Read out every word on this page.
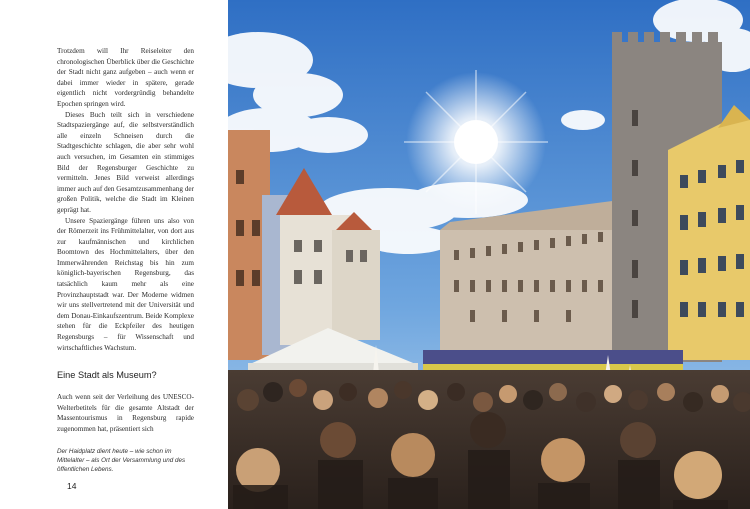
Trotzdem will Ihr Reiseleiter den chronologischen Überblick über die Geschichte der Stadt nicht ganz aufgeben – auch wenn er dabei immer wieder in spätere, gerade eigentlich nicht vordergründig behandelte Epochen springen wird.

Dieses Buch teilt sich in verschiedene Stadtspaziergänge auf, die selbstverständlich alle einzeln Schneisen durch die Stadtgeschichte schlagen, die aber sehr wohl auch versuchen, im Gesamten ein stimmiges Bild der Regensburger Geschichte zu vermitteln. Jenes Bild verweist allerdings immer auch auf den Gesamtzusammenhang der großen Politik, welche die Stadt im Kleinen geprägt hat.

Unsere Spaziergänge führen uns also von der Römerzeit ins Frühmittelalter, von dort aus zur kaufmännischen und kirchlichen Boomtown des Hochmittelalters, über den Immerwährenden Reichstag bis hin zum königlich-bayerischen Regensburg, das tatsächlich kaum mehr als eine Provinzhauptstadt war. Der Moderne widmen wir uns stellvertretend mit der Universität und dem Donau-Einkaufszentrum. Beide Komplexe stehen für die Eckpfeiler des heutigen Regensburgs – für Wissenschaft und wirtschaftliches Wachstum.

Eine Stadt als Museum?

Auch wenn seit der Verleihung des UNESCO-Welterbetitels für die gesamte Altstadt der Massentourismus in Regensburg rapide zugenommen hat, präsentiert sich

Der Haidplatz dient heute – wie schon im Mittelalter – als Ort der Versammlung und des öffentlichen Lebens.
14
